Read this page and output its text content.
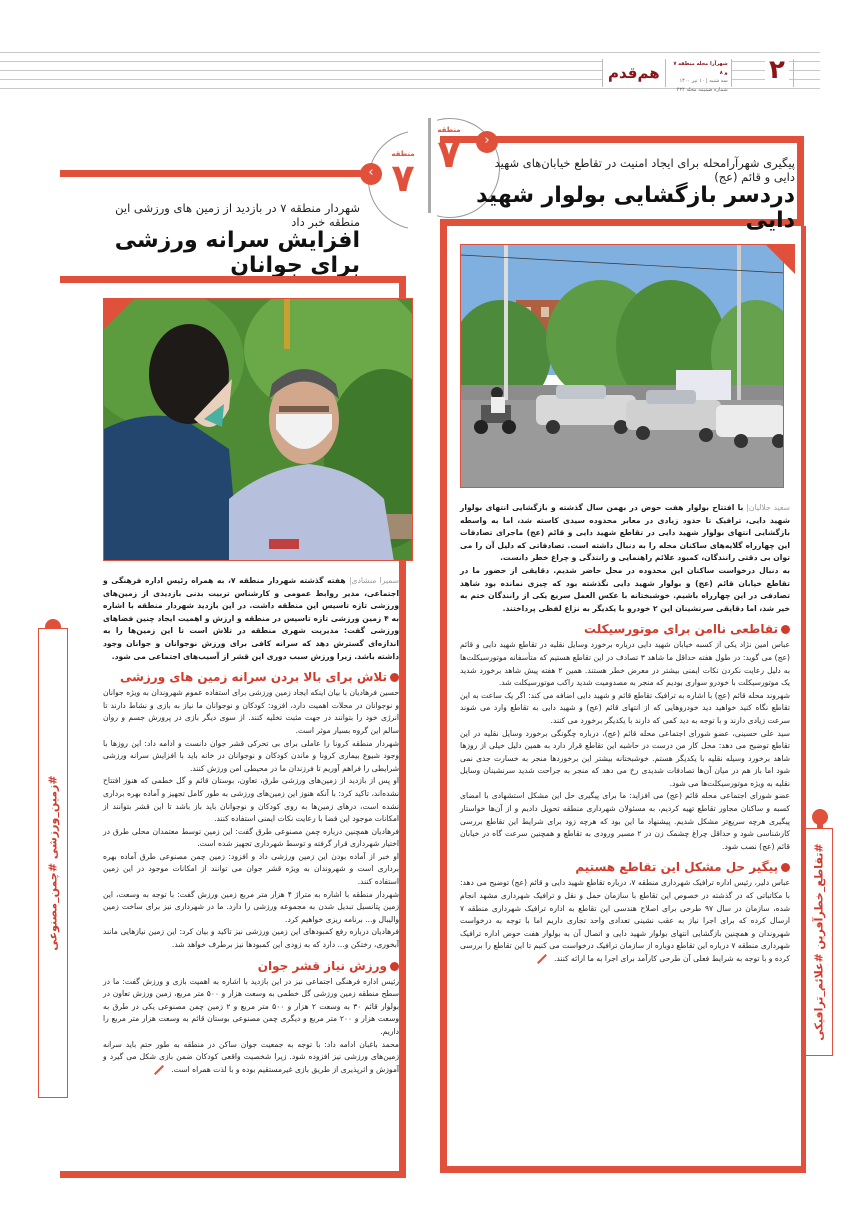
هم‌قدم	شهرآرا محله منطقه ۷ و ۸
سه شنبه | ۱۰ تیر ۱۴۰۰
شماره ضمیمه محله ۴۳۴
۲
منطقه
۷	›
پیگیری شهرآرامحله برای ایجاد امنیت در تقاطع خیابان‌های شهید دایی و قائم (عج)
دردسر بازگشایی بولوار شهید دایی

سعید جلالیان| با افتتاح بولوار هفت حوض در بهمن سال گذشته و بازگشایی انتهای بولوار شهید دایی، ترافیک تا حدود زیادی در معابر محدوده سیدی کاسته شد، اما به واسطه بازگشایی انتهای بولوار شهید دایی در تقاطع شهید دایی و قائم (عج) ماجرای تصادفات این چهارراه گلایه‌های ساکنان محله را به دنبال داشته است. تصادفاتی که دلیل آن را می توان بی دقتی رانندگان، کمبود علائم راهنمایی و رانندگی و چراغ خطر دانست.

به دنبال درخواست ساکنان این محدوده در محل حاضر شدیم. دقایقی از حضور ما در تقاطع خیابان قائم (عج) و بولوار شهید دایی نگذشته بود که چیزی نمانده بود شاهد تصادفی در این چهارراه باشیم. خوشبختانه با عکس العمل سریع یکی از رانندگان ختم به خیر شد، اما دقایقی سرنشینان این ۲ خودرو با یکدیگر به نزاع لفظی پرداختند.

تقاطعی ناامن برای موتورسیکلت

عباس امین نژاد یکی از کسبه خیابان شهید دایی درباره برخورد وسایل نقلیه در تقاطع شهید دایی و قائم (عج) می گوید: در طول هفته حداقل ما شاهد ۳ تصادف در این تقاطع هستیم که متأسفانه موتورسیکلت‌ها به دلیل رعایت نکردن نکات ایمنی بیشتر در معرض خطر هستند. همین ۲ هفته پیش شاهد برخورد شدید یک موتورسیکلت با خودرو سواری بودیم که منجر به مصدومیت شدید راکب موتورسیکلت شد.

شهروند محله قائم (عج) با اشاره به ترافیک تقاطع قائم و شهید دایی اضافه می کند: اگر یک ساعت به این تقاطع نگاه کنید خواهید دید خودروهایی که از انتهای قائم (عج) و شهید دایی به تقاطع وارد می شوند سرعت زیادی دارند و با توجه به دید کمی که دارند با یکدیگر برخورد می کنند.

سید علی حسینی، عضو شورای اجتماعی محله قائم (عج)، درباره چگونگی برخورد وسایل نقلیه در این تقاطع توضیح می دهد: محل کار من درست در حاشیه این تقاطع قرار دارد به همین دلیل خیلی از روزها شاهد برخورد وسیله نقلیه با یکدیگر هستم. خوشبختانه بیشتر این برخوردها منجر به خسارت جدی نمی شود اما باز هم در میان آن‌ها تصادفات شدیدی رخ می دهد که منجر به جراحت شدید سرنشینان وسایل نقلیه به ویژه موتورسیکلت‌ها می شود.

عضو شورای اجتماعی محله قائم (عج) می افزاید: ما برای پیگیری حل این مشکل استشهادی با امضای کسبه و ساکنان مجاور تقاطع تهیه کردیم، به مسئولان شهرداری منطقه تحویل دادیم و از آن‌ها خواستار پیگیری هرچه سریع‌تر مشکل شدیم. پیشنهاد ما این بود که هرچه زود برای شرایط این تقاطع بررسی کارشناسی شود و حداقل چراغ چشمک زن در ۲ مسیر ورودی به تقاطع و همچنین سرعت گاه در خیابان قائم (عج) نصب شود.

پیگیر حل مشکل این تقاطع هستیم

عباس دلیر، رئیس اداره ترافیک شهرداری منطقه ۷، درباره تقاطع شهید دایی و قائم (عج) توضیح می دهد: با مکاتباتی که در گذشته در خصوص این تقاطع با سازمان حمل و نقل و ترافیک شهرداری مشهد انجام شده، سازمان در سال ۹۷ طرحی برای اصلاح هندسی این تقاطع به اداره ترافیک شهرداری منطقه ۷ ارسال کرده که برای اجرا نیاز به عقب نشینی تعدادی واحد تجاری داریم اما با توجه به درخواست شهروندان و همچنین بازگشایی انتهای بولوار شهید دایی و اتصال آن به بولوار هفت حوض اداره ترافیک شهرداری منطقه ۷ درباره این تقاطع دوباره از سازمان ترافیک درخواست می کنیم تا این تقاطع را بررسی کرده و با توجه به شرایط فعلی آن طرحی کارآمد برای اجرا به ما ارائه کنند. #تقاطع_خطرآفرین #علائم_ترافیکی
منطقه
۷
‹
شهردار منطقه ۷ در بازدید از زمین های ورزشی این منطقه خبر داد
افزایش سرانه ورزشی برای جوانان

سمیرا منشادی| هفته گذشته شهردار منطقه ۷، به همراه رئیس اداره فرهنگی و اجتماعی، مدیر روابط عمومی و کارشناس تربیت بدنی بازدیدی از زمین‌های ورزشی تازه تاسیس این منطقه داشت. در این بازدید شهردار منطقه با اشاره به ۴ زمین ورزشی تازه تاسیس در منطقه و ارزش و اهمیت ایجاد چنین فضاهای ورزشی گفت: مدیریت شهری منطقه در تلاش است تا این زمین‌ها را به اندازه‌ای گسترش دهد که سرانه کافی برای ورزش نوجوانان و جوانان وجود داشته باشد. زیرا ورزش سبب دوری این قشر از آسیب‌های اجتماعی می شود.

تلاش برای بالا بردن سرانه زمین های ورزشی

حسین فرهادیان با بیان اینکه ایجاد زمین ورزشی برای استفاده عموم شهروندان به ویژه جوانان و نوجوانان در محلات اهمیت دارد، افزود: کودکان و نوجوانان ما نیاز به بازی و نشاط دارند تا انرژی خود را بتوانند در جهت مثبت تخلیه کنند. از سوی دیگر بازی در پرورش جسم و روان سالم این گروه بسیار موثر است.

شهردار منطقه کرونا را عاملی برای بی تحرکی قشر جوان دانست و ادامه داد: این روزها با وجود شیوع بیماری کرونا و ماندن کودکان و نوجوانان در خانه باید با افزایش سرانه ورزشی شرایطی را فراهم آوریم تا فرزندان ما در محیطی امن ورزش کنند.

او پس از بازدید از زمین‌های ورزشی طرق، تعاون، بوستان قائم و گل خطمی که هنوز افتتاح نشده‌اند، تاکید کرد: با آنکه هنوز این زمین‌های ورزشی به طور کامل تجهیز و آماده بهره برداری نشده است، درهای زمین‌ها به روی کودکان و نوجوانان باید باز باشد تا این قشر بتوانند از امکانات موجود این فضا با رعایت نکات ایمنی استفاده کنند.

فرهادیان همچنین درباره چمن مصنوعی طرق گفت: این زمین توسط معتمدان محلی طرق در اختیار شهرداری قرار گرفته و توسط شهرداری تجهیز شده است.

او خبر از آماده بودن این زمین ورزشی داد و افزود: زمین چمن مصنوعی طرق آماده بهره برداری است و شهروندان به ویژه قشر جوان می توانند از امکانات موجود در این زمین استفاده کنند.

شهردار منطقه با اشاره به متراژ ۴ هزار متر مربع زمین ورزش گفت: با توجه به وسعت، این زمین پتانسیل تبدیل شدن به مجموعه ورزشی را دارد. ما در شهرداری نیز برای ساخت زمین والیبال و... برنامه ریزی خواهیم کرد.

فرهادیان درباره رفع کمبودهای این زمین ورزشی نیز تاکید و بیان کرد: این زمین نیازهایی مانند آبخوری، رختکن و... دارد که به زودی این کمبودها نیز برطرف خواهد شد.

ورزش نیاز قشر جوان

رئیس اداره فرهنگی اجتماعی نیز در این بازدید با اشاره به اهمیت بازی و ورزش گفت: ما در سطح منطقه زمین ورزشی گل خطمی به وسعت هزار و ۵۰۰ متر مربع، زمین ورزش تعاون در بولوار قائم ۳۰ به وسعت ۲ هزار و ۵۰۰ متر مربع و ۲ زمین چمن مصنوعی یکی در طرق به وسعت هزار و ۲۰۰ متر مربع و دیگری چمن مصنوعی بوستان قائم به وسعت هزار متر مربع را داریم.

محمد باغبان ادامه داد: با توجه به جمعیت جوان ساکن در منطقه به طور حتم باید سرانه زمین‌های ورزشی نیز افزوده شود. زیرا شخصیت واقعی کودکان ضمن بازی شکل می گیرد و آموزش و اثرپذیری از طریق بازی غیرمستقیم بوده و با لذت همراه است.

#زمین_ورزشی #چمن_مصنوعی
